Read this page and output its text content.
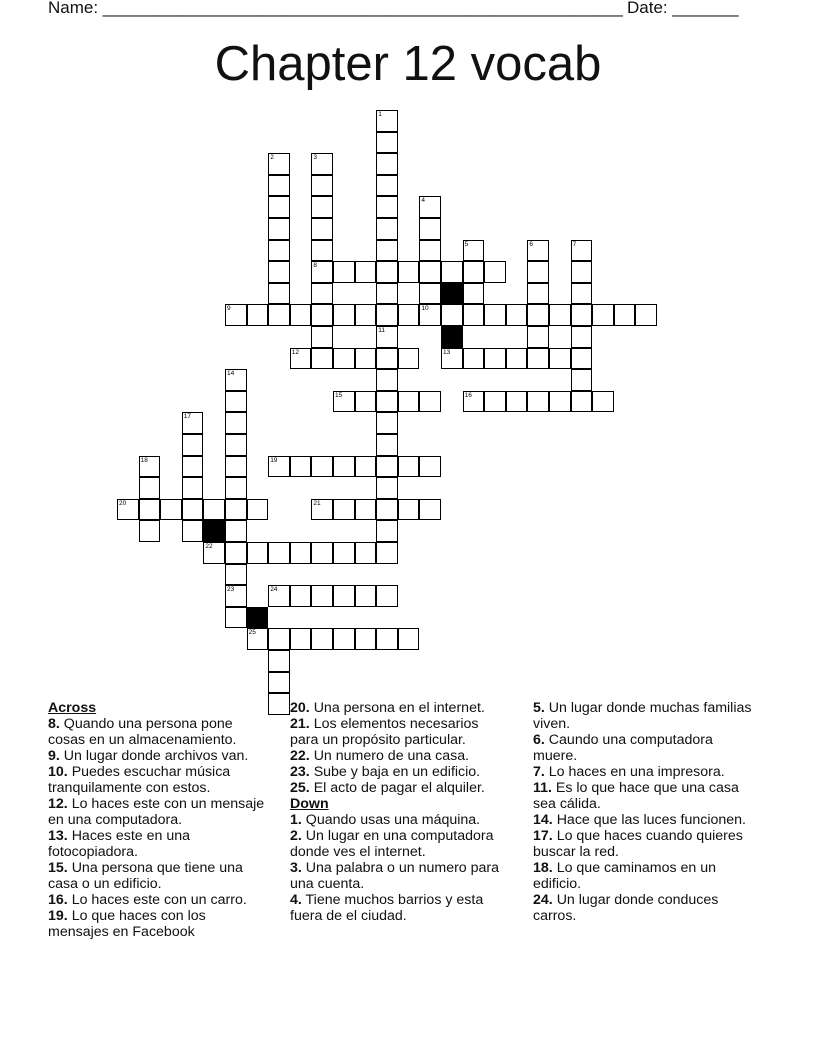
Name: _______________________________________________________ Date: _______
Chapter 12 vocab
8
9	10
12	13
15	16
19
20	21
22
23	24
25
1
11
2	3
4
5	6	7
14
17
18
Across
8. Quando una persona pone cosas en un almacenamiento.
9. Un lugar donde archivos van.
10. Puedes escuchar música tranquilamente con estos.
12. Lo haces este con un mensaje en una computadora.
13. Haces este en una fotocopiadora.
15. Una persona que tiene una casa o un edificio.
16. Lo haces este con un carro.
19. Lo que haces con los mensajes en Facebook
20. Una persona en el internet.
21. Los elementos necesarios para un propósito particular.
22. Un numero de una casa.
23. Sube y baja en un edificio.
25. El acto de pagar el alquiler.
Down
1. Quando usas una máquina.
2. Un lugar en una computadora donde ves el internet.
3. Una palabra o un numero para una cuenta.
4. Tiene muchos barrios y esta fuera de el ciudad.
5. Un lugar donde muchas familias viven.
6. Caundo una computadora muere.
7. Lo haces en una impresora.
11. Es lo que hace que una casa sea cálida.
14. Hace que las luces funcionen.
17. Lo que haces cuando quieres buscar la red.
18. Lo que caminamos en un edificio.
24. Un lugar donde conduces carros.
